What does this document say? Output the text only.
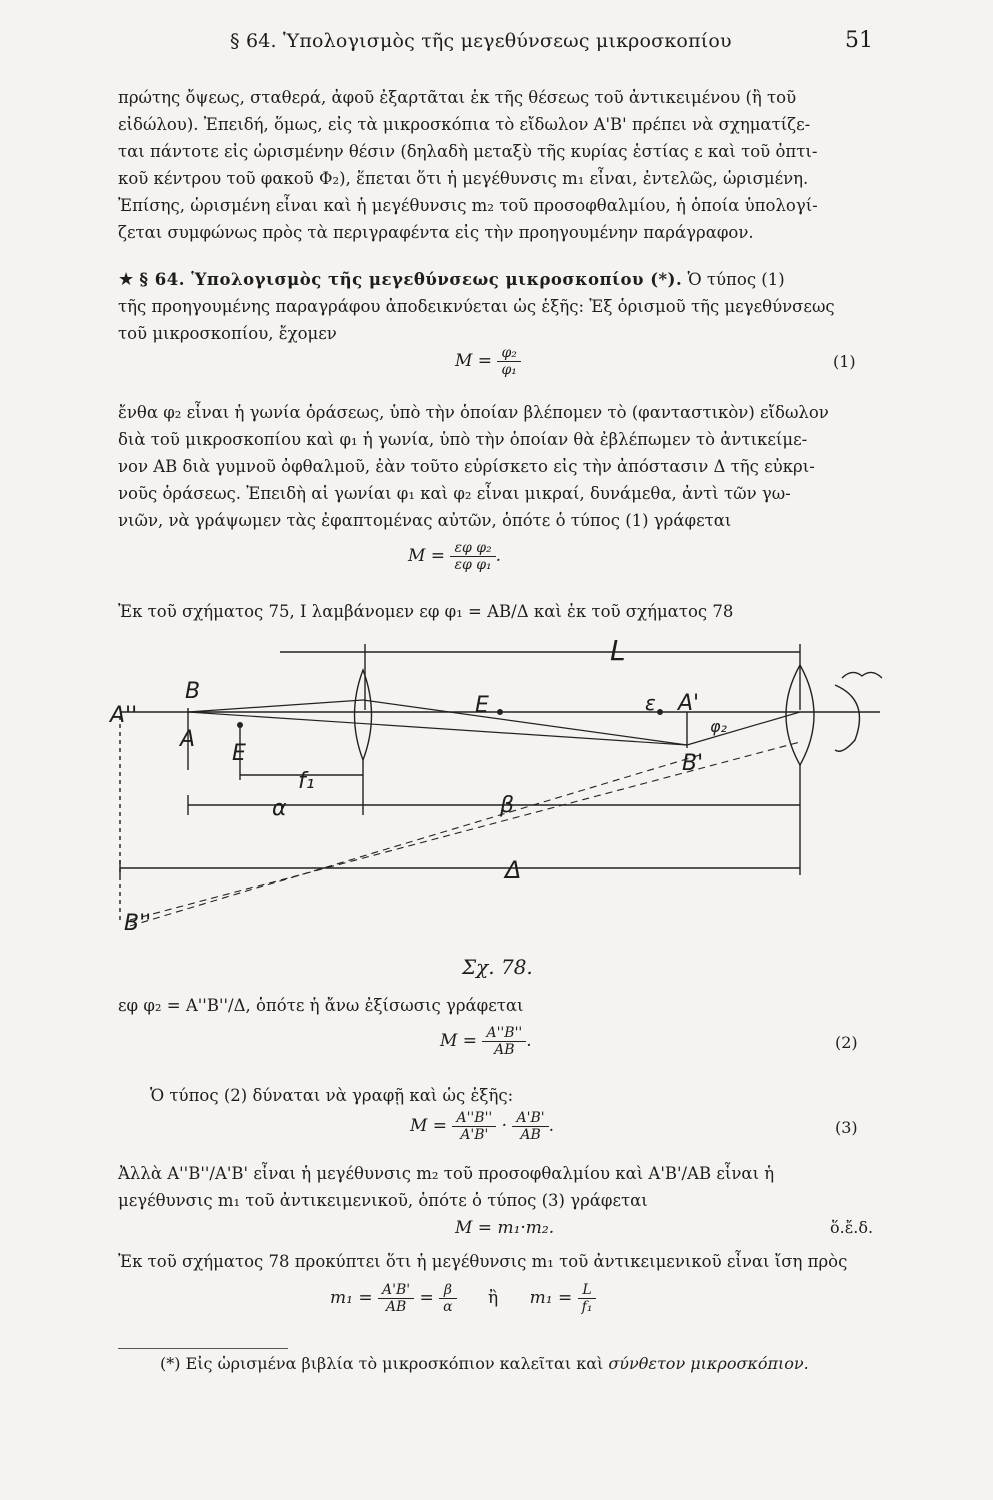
§ 64. Ὑπολογισμὸς τῆς μεγεθύνσεως μικροσκοπίου	51
πρώτης ὄψεως, σταθερά, ἀφοῦ ἐξαρτᾶται ἐκ τῆς θέσεως τοῦ ἀντικειμένου (ἢ τοῦ
εἰδώλου). Ἐπειδή, ὅμως, εἰς τὰ μικροσκόπια τὸ εἴδωλον A'B' πρέπει νὰ σχηματίζε-
ται πάντοτε εἰς ὡρισμένην θέσιν (δηλαδὴ μεταξὺ τῆς κυρίας ἑστίας ε καὶ τοῦ ὀπτι-
κοῦ κέντρου τοῦ φακοῦ Φ₂), ἕπεται ὅτι ἡ μεγέθυνσις m₁ εἶναι, ἐντελῶς, ὡρισμένη.
Ἐπίσης, ὡρισμένη εἶναι καὶ ἡ μεγέθυνσις m₂ τοῦ προσοφθαλμίου, ἡ ὁποία ὑπολογί-
ζεται συμφώνως πρὸς τὰ περιγραφέντα εἰς τὴν προηγουμένην παράγραφον.
★ § 64. Ὑπολογισμὸς τῆς μεγεθύνσεως μικροσκοπίου (*). Ὁ τύπος (1)
τῆς προηγουμένης παραγράφου ἀποδεικνύεται ὡς ἑξῆς: Ἐξ ὁρισμοῦ τῆς μεγεθύνσεως
τοῦ μικροσκοπίου, ἔχομεν
$M = \frac{\text{φ₂}}{\text{φ₁}}$	(1)
ἔνθα φ₂ εἶναι ἡ γωνία ὁράσεως, ὑπὸ τὴν ὁποίαν βλέπομεν τὸ (φανταστικὸν) εἴδωλον
διὰ τοῦ μικροσκοπίου καὶ φ₁ ἡ γωνία, ὑπὸ τὴν ὁποίαν θὰ ἐβλέπωμεν τὸ ἀντικείμε-
νον AB διὰ γυμνοῦ ὀφθαλμοῦ, ἐὰν τοῦτο εὑρίσκετο εἰς τὴν ἀπόστασιν Δ τῆς εὐκρι-
νοῦς ὁράσεως. Ἐπειδὴ αἱ γωνίαι φ₁ καὶ φ₂ εἶναι μικραί, δυνάμεθα, ἀντὶ τῶν γω-
νιῶν, νὰ γράψωμεν τὰς ἐφαπτομένας αὐτῶν, ὁπότε ὁ τύπος (1) γράφεται
$M = \frac{\text{εφ φ₂}}{\text{εφ φ₁}}$ .
Ἐκ τοῦ σχήματος 75, I λαμβάνομεν εφ φ₁ = AB/Δ καὶ ἐκ τοῦ σχήματος 78
L
B
A''
A
E
E	ε A'
φ₂
B'
f₁
α	β
Δ
B''
Σχ. 78.
εφ φ₂ = A''B''/Δ, ὁπότε ἡ ἄνω ἐξίσωσις γράφεται
$M = \frac{A''B''}{AB}$ .	(2)
Ὁ τύπος (2) δύναται νὰ γραφῇ καὶ ὡς ἑξῆς:
$M = \frac{A''B''}{A'B'} \cdot \frac{A'B'}{AB}$ .	(3)
Ἀλλὰ A''B''/A'B' εἶναι ἡ μεγέθυνσις m₂ τοῦ προσοφθαλμίου καὶ A'B'/AB εἶναι ἡ
μεγέθυνσις m₁ τοῦ ἀντικειμενικοῦ, ὁπότε ὁ τύπος (3) γράφεται
M = m₁·m₂.	ὅ.ἔ.δ.
Ἐκ τοῦ σχήματος 78 προκύπτει ὅτι ἡ μεγέθυνσις m₁ τοῦ ἀντικειμενικοῦ εἶναι ἴση πρὸς
$m_1 = \frac{A'B'}{AB} = \frac{\beta}{\alpha}$ ἢ $m_1 = \frac{L}{\text{f₁}}$
(*) Εἰς ὡρισμένα βιβλία τὸ μικροσκόπιον καλεῖται καὶ σύνθετον μικροσκόπιον.
